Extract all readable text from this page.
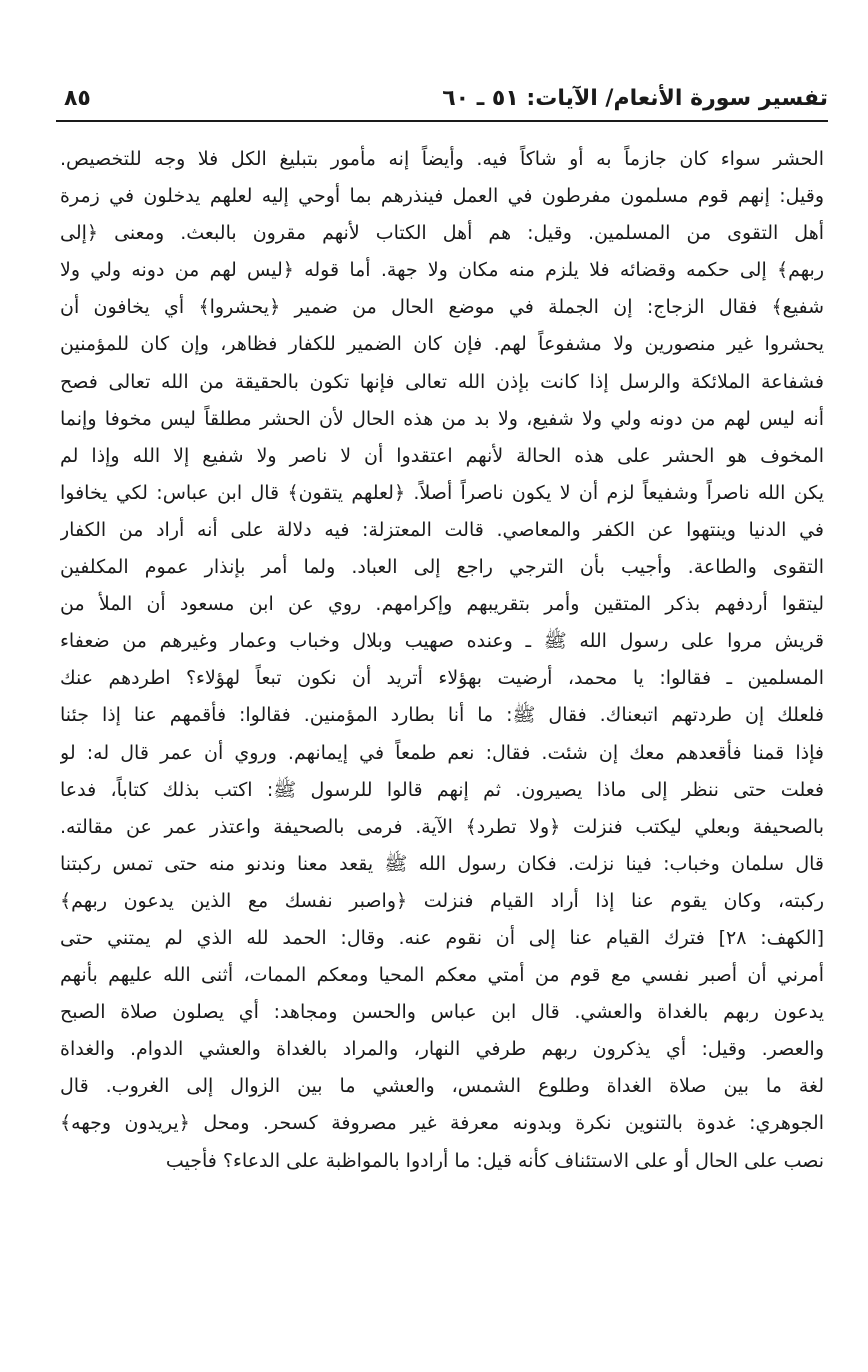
تفسير سورة الأنعام/ الآيات: ٥١ ـ ٦٠
٨٥
الحشر سواء كان جازماً به أو شاكاً فيه. وأيضاً إنه مأمور بتبليغ الكل فلا وجه للتخصيص.
وقيل: إنهم قوم مسلمون مفرطون في العمل فينذرهم بما أوحي إليه لعلهم يدخلون في زمرة
أهل التقوى من المسلمين. وقيل: هم أهل الكتاب لأنهم مقرون بالبعث. ومعنى ﴿إلى
ربهم﴾ إلى حكمه وقضائه فلا يلزم منه مكان ولا جهة. أما قوله ﴿ليس لهم من دونه ولي ولا
شفيع﴾ فقال الزجاج: إن الجملة في موضع الحال من ضمير ﴿يحشروا﴾ أي يخافون أن
يحشروا غير منصورين ولا مشفوعاً لهم. فإن كان الضمير للكفار فظاهر، وإن كان للمؤمنين
فشفاعة الملائكة والرسل إذا كانت بإذن الله تعالى فإنها تكون بالحقيقة من الله تعالى فصح
أنه ليس لهم من دونه ولي ولا شفيع، ولا بد من هذه الحال لأن الحشر مطلقاً ليس مخوفا وإنما
المخوف هو الحشر على هذه الحالة لأنهم اعتقدوا أن لا ناصر ولا شفيع إلا الله وإذا لم
يكن الله ناصراً وشفيعاً لزم أن لا يكون ناصراً أصلاً. ﴿لعلهم يتقون﴾ قال ابن عباس: لكي يخافوا
في الدنيا وينتهوا عن الكفر والمعاصي. قالت المعتزلة: فيه دلالة على أنه أراد من الكفار
التقوى والطاعة. وأجيب بأن الترجي راجع إلى العباد. ولما أمر بإنذار عموم المكلفين
ليتقوا أردفهم بذكر المتقين وأمر بتقريبهم وإكرامهم. روي عن ابن مسعود أن الملأ من
قريش مروا على رسول الله ﷺ ـ وعنده صهيب وبلال وخباب وعمار وغيرهم من ضعفاء
المسلمين ـ فقالوا: يا محمد، أرضيت بهؤلاء أتريد أن نكون تبعاً لهؤلاء؟ اطردهم عنك
فلعلك إن طردتهم اتبعناك. فقال ﷺ: ما أنا بطارد المؤمنين. فقالوا: فأقمهم عنا إذا جئنا
فإذا قمنا فأقعدهم معك إن شئت. فقال: نعم طمعاً في إيمانهم. وروي أن عمر قال له: لو
فعلت حتى ننظر إلى ماذا يصيرون. ثم إنهم قالوا للرسول ﷺ: اكتب بذلك كتاباً، فدعا
بالصحيفة وبعلي ليكتب فنزلت ﴿ولا تطرد﴾ الآية. فرمى بالصحيفة واعتذر عمر عن مقالته.
قال سلمان وخباب: فينا نزلت. فكان رسول الله ﷺ يقعد معنا وندنو منه حتى تمس ركبتنا
ركبته، وكان يقوم عنا إذا أراد القيام فنزلت ﴿واصبر نفسك مع الذين يدعون ربهم﴾
[الكهف: ٢٨] فترك القيام عنا إلى أن نقوم عنه. وقال: الحمد لله الذي لم يمتني حتى
أمرني أن أصبر نفسي مع قوم من أمتي معكم المحيا ومعكم الممات، أثنى الله عليهم بأنهم
يدعون ربهم بالغداة والعشي. قال ابن عباس والحسن ومجاهد: أي يصلون صلاة الصبح
والعصر. وقيل: أي يذكرون ربهم طرفي النهار، والمراد بالغداة والعشي الدوام. والغداة
لغة ما بين صلاة الغداة وطلوع الشمس، والعشي ما بين الزوال إلى الغروب. قال
الجوهري: غدوة بالتنوين نكرة وبدونه معرفة غير مصروفة كسحر. ومحل ﴿يريدون وجهه﴾
نصب على الحال أو على الاستئناف كأنه قيل: ما أرادوا بالمواظبة على الدعاء؟ فأجيب
